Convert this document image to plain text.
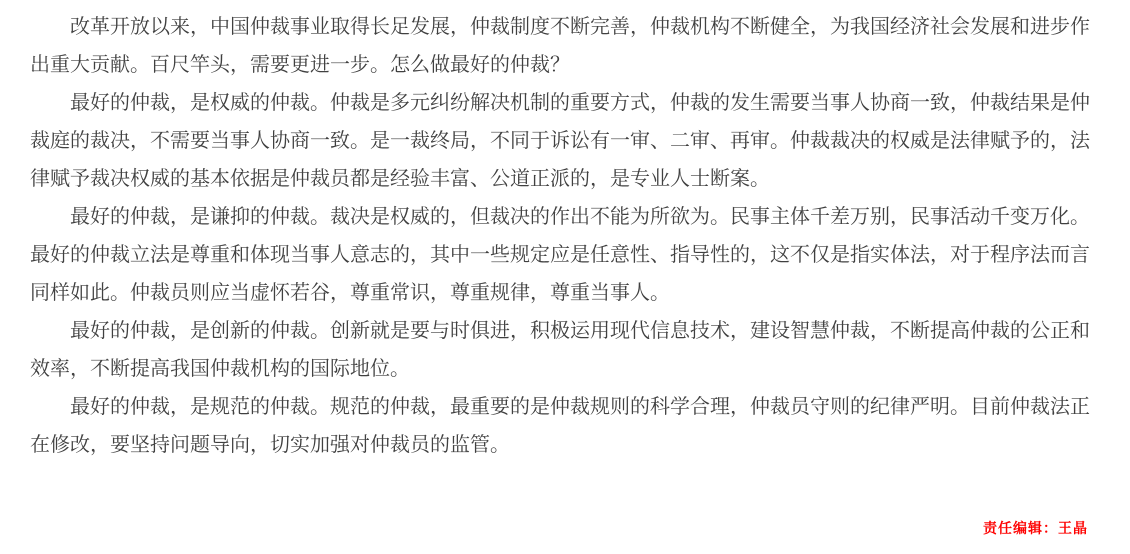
改革开放以来，中国仲裁事业取得长足发展，仲裁制度不断完善，仲裁机构不断健全，为我国经济社会发展和进步作出重大贡献。百尺竿头，需要更进一步。怎么做最好的仲裁？

最好的仲裁，是权威的仲裁。仲裁是多元纠纷解决机制的重要方式，仲裁的发生需要当事人协商一致，仲裁结果是仲裁庭的裁决，不需要当事人协商一致。是一裁终局，不同于诉讼有一审、二审、再审。仲裁裁决的权威是法律赋予的，法律赋予裁决权威的基本依据是仲裁员都是经验丰富、公道正派的，是专业人士断案。

最好的仲裁，是谦抑的仲裁。裁决是权威的，但裁决的作出不能为所欲为。民事主体千差万别，民事活动千变万化。最好的仲裁立法是尊重和体现当事人意志的，其中一些规定应是任意性、指导性的，这不仅是指实体法，对于程序法而言同样如此。仲裁员则应当虚怀若谷，尊重常识，尊重规律，尊重当事人。

最好的仲裁，是创新的仲裁。创新就是要与时俱进，积极运用现代信息技术，建设智慧仲裁，不断提高仲裁的公正和效率，不断提高我国仲裁机构的国际地位。

最好的仲裁，是规范的仲裁。规范的仲裁，最重要的是仲裁规则的科学合理，仲裁员守则的纪律严明。目前仲裁法正在修改，要坚持问题导向，切实加强对仲裁员的监管。

责任编辑：王晶
